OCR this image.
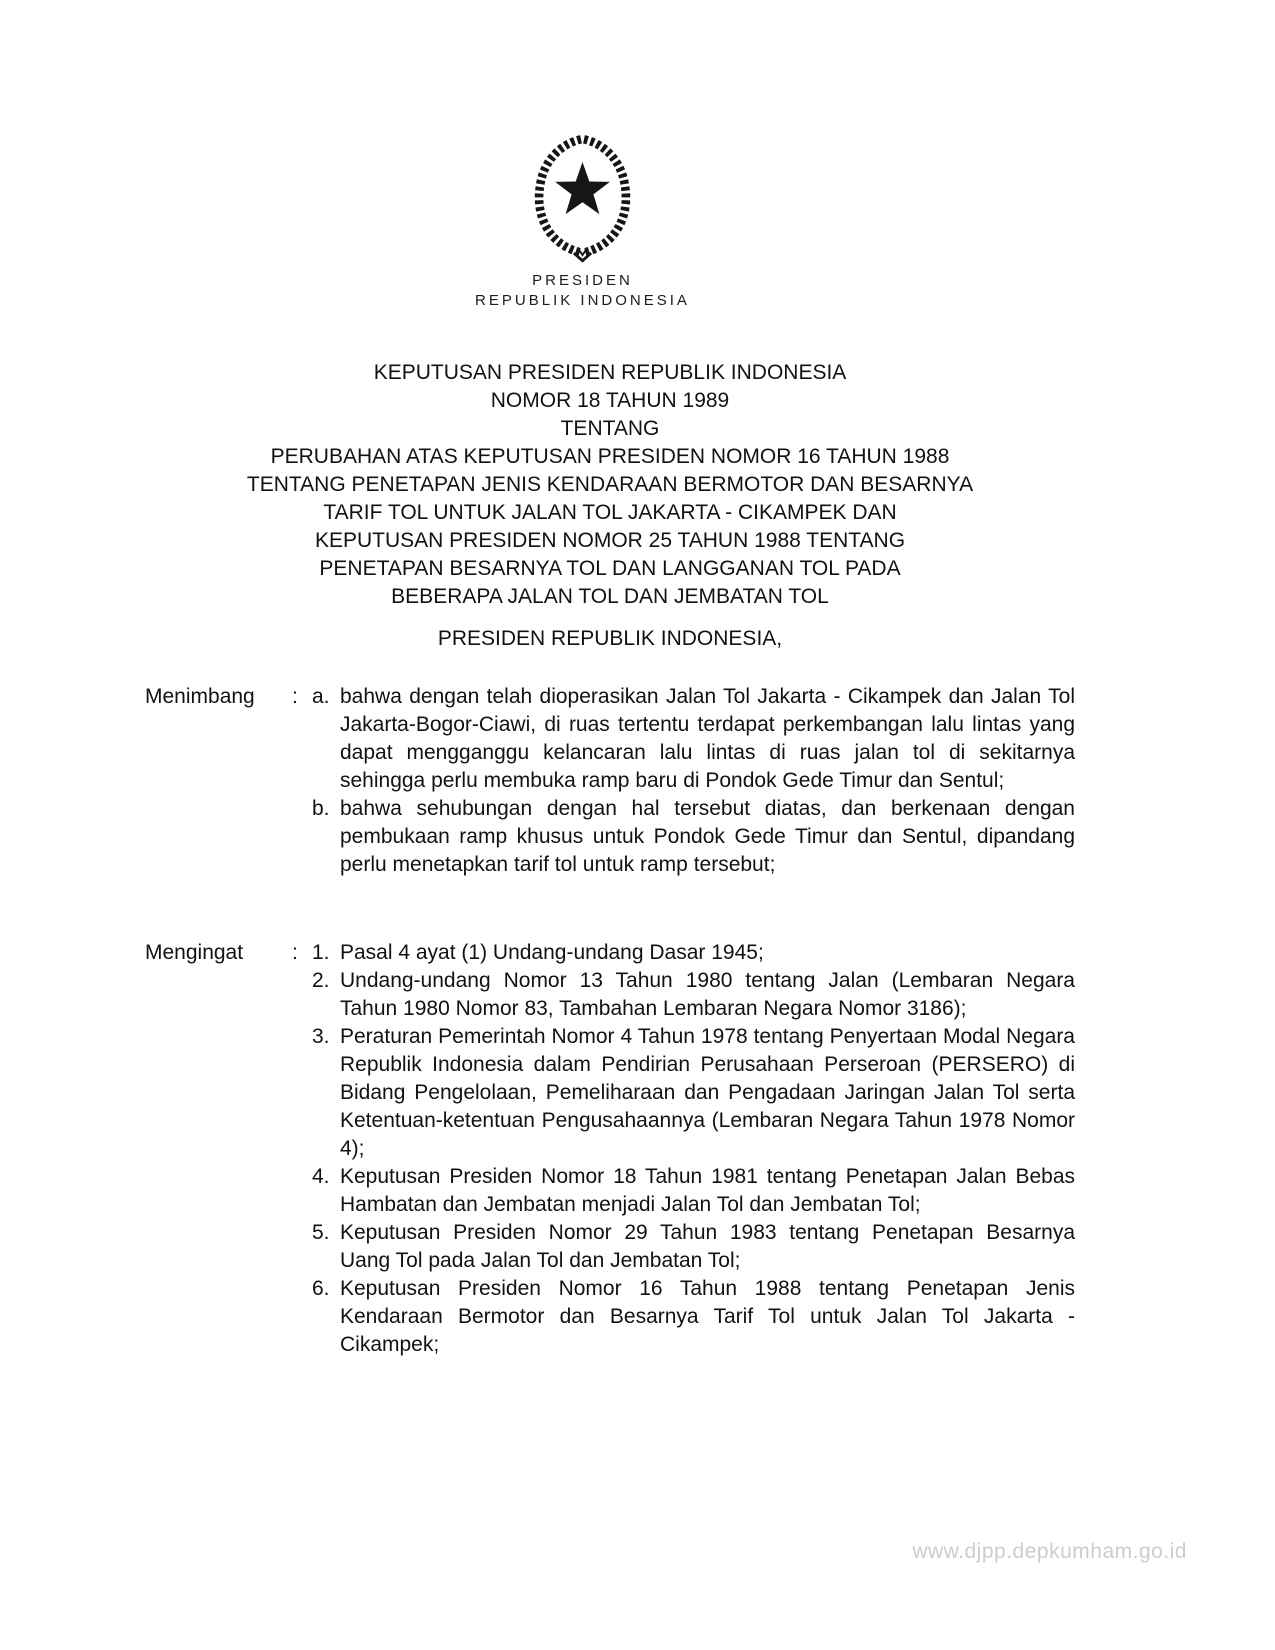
PRESIDEN
REPUBLIK INDONESIA
KEPUTUSAN PRESIDEN REPUBLIK INDONESIA
NOMOR 18 TAHUN 1989
TENTANG
PERUBAHAN ATAS KEPUTUSAN PRESIDEN NOMOR 16 TAHUN 1988
TENTANG PENETAPAN JENIS KENDARAAN BERMOTOR DAN BESARNYA
TARIF TOL UNTUK JALAN TOL JAKARTA - CIKAMPEK DAN
KEPUTUSAN PRESIDEN NOMOR 25 TAHUN 1988 TENTANG
PENETAPAN BESARNYA TOL DAN LANGGANAN TOL PADA
BEBERAPA JALAN TOL DAN JEMBATAN TOL
PRESIDEN REPUBLIK INDONESIA,
Menimbang	: a. bahwa dengan telah dioperasikan Jalan Tol Jakarta - Cikampek dan Jalan Tol Jakarta-Bogor-Ciawi, di ruas tertentu terdapat perkembangan lalu lintas yang dapat mengganggu kelancaran lalu lintas di ruas jalan tol di sekitarnya sehingga perlu membuka ramp baru di Pondok Gede Timur dan Sentul;
b. bahwa sehubungan dengan hal tersebut diatas, dan berkenaan dengan pembukaan ramp khusus untuk Pondok Gede Timur dan Sentul, dipandang perlu menetapkan tarif tol untuk ramp tersebut;
Mengingat	: 1. Pasal 4 ayat (1) Undang-undang Dasar 1945;
2. Undang-undang Nomor 13 Tahun 1980 tentang Jalan (Lembaran Negara Tahun 1980 Nomor 83, Tambahan Lembaran Negara Nomor 3186);
3. Peraturan Pemerintah Nomor 4 Tahun 1978 tentang Penyertaan Modal Negara Republik Indonesia dalam Pendirian Perusahaan Perseroan (PERSERO) di Bidang Pengelolaan, Pemeliharaan dan Pengadaan Jaringan Jalan Tol serta Ketentuan-ketentuan Pengusahaannya (Lembaran Negara Tahun 1978 Nomor 4);
4. Keputusan Presiden Nomor 18 Tahun 1981 tentang Penetapan Jalan Bebas Hambatan dan Jembatan menjadi Jalan Tol dan Jembatan Tol;
5. Keputusan Presiden Nomor 29 Tahun 1983 tentang Penetapan Besarnya Uang Tol pada Jalan Tol dan Jembatan Tol;
6. Keputusan Presiden Nomor 16 Tahun 1988 tentang Penetapan Jenis Kendaraan Bermotor dan Besarnya Tarif Tol untuk Jalan Tol Jakarta - Cikampek;
www.djpp.depkumham.go.id
